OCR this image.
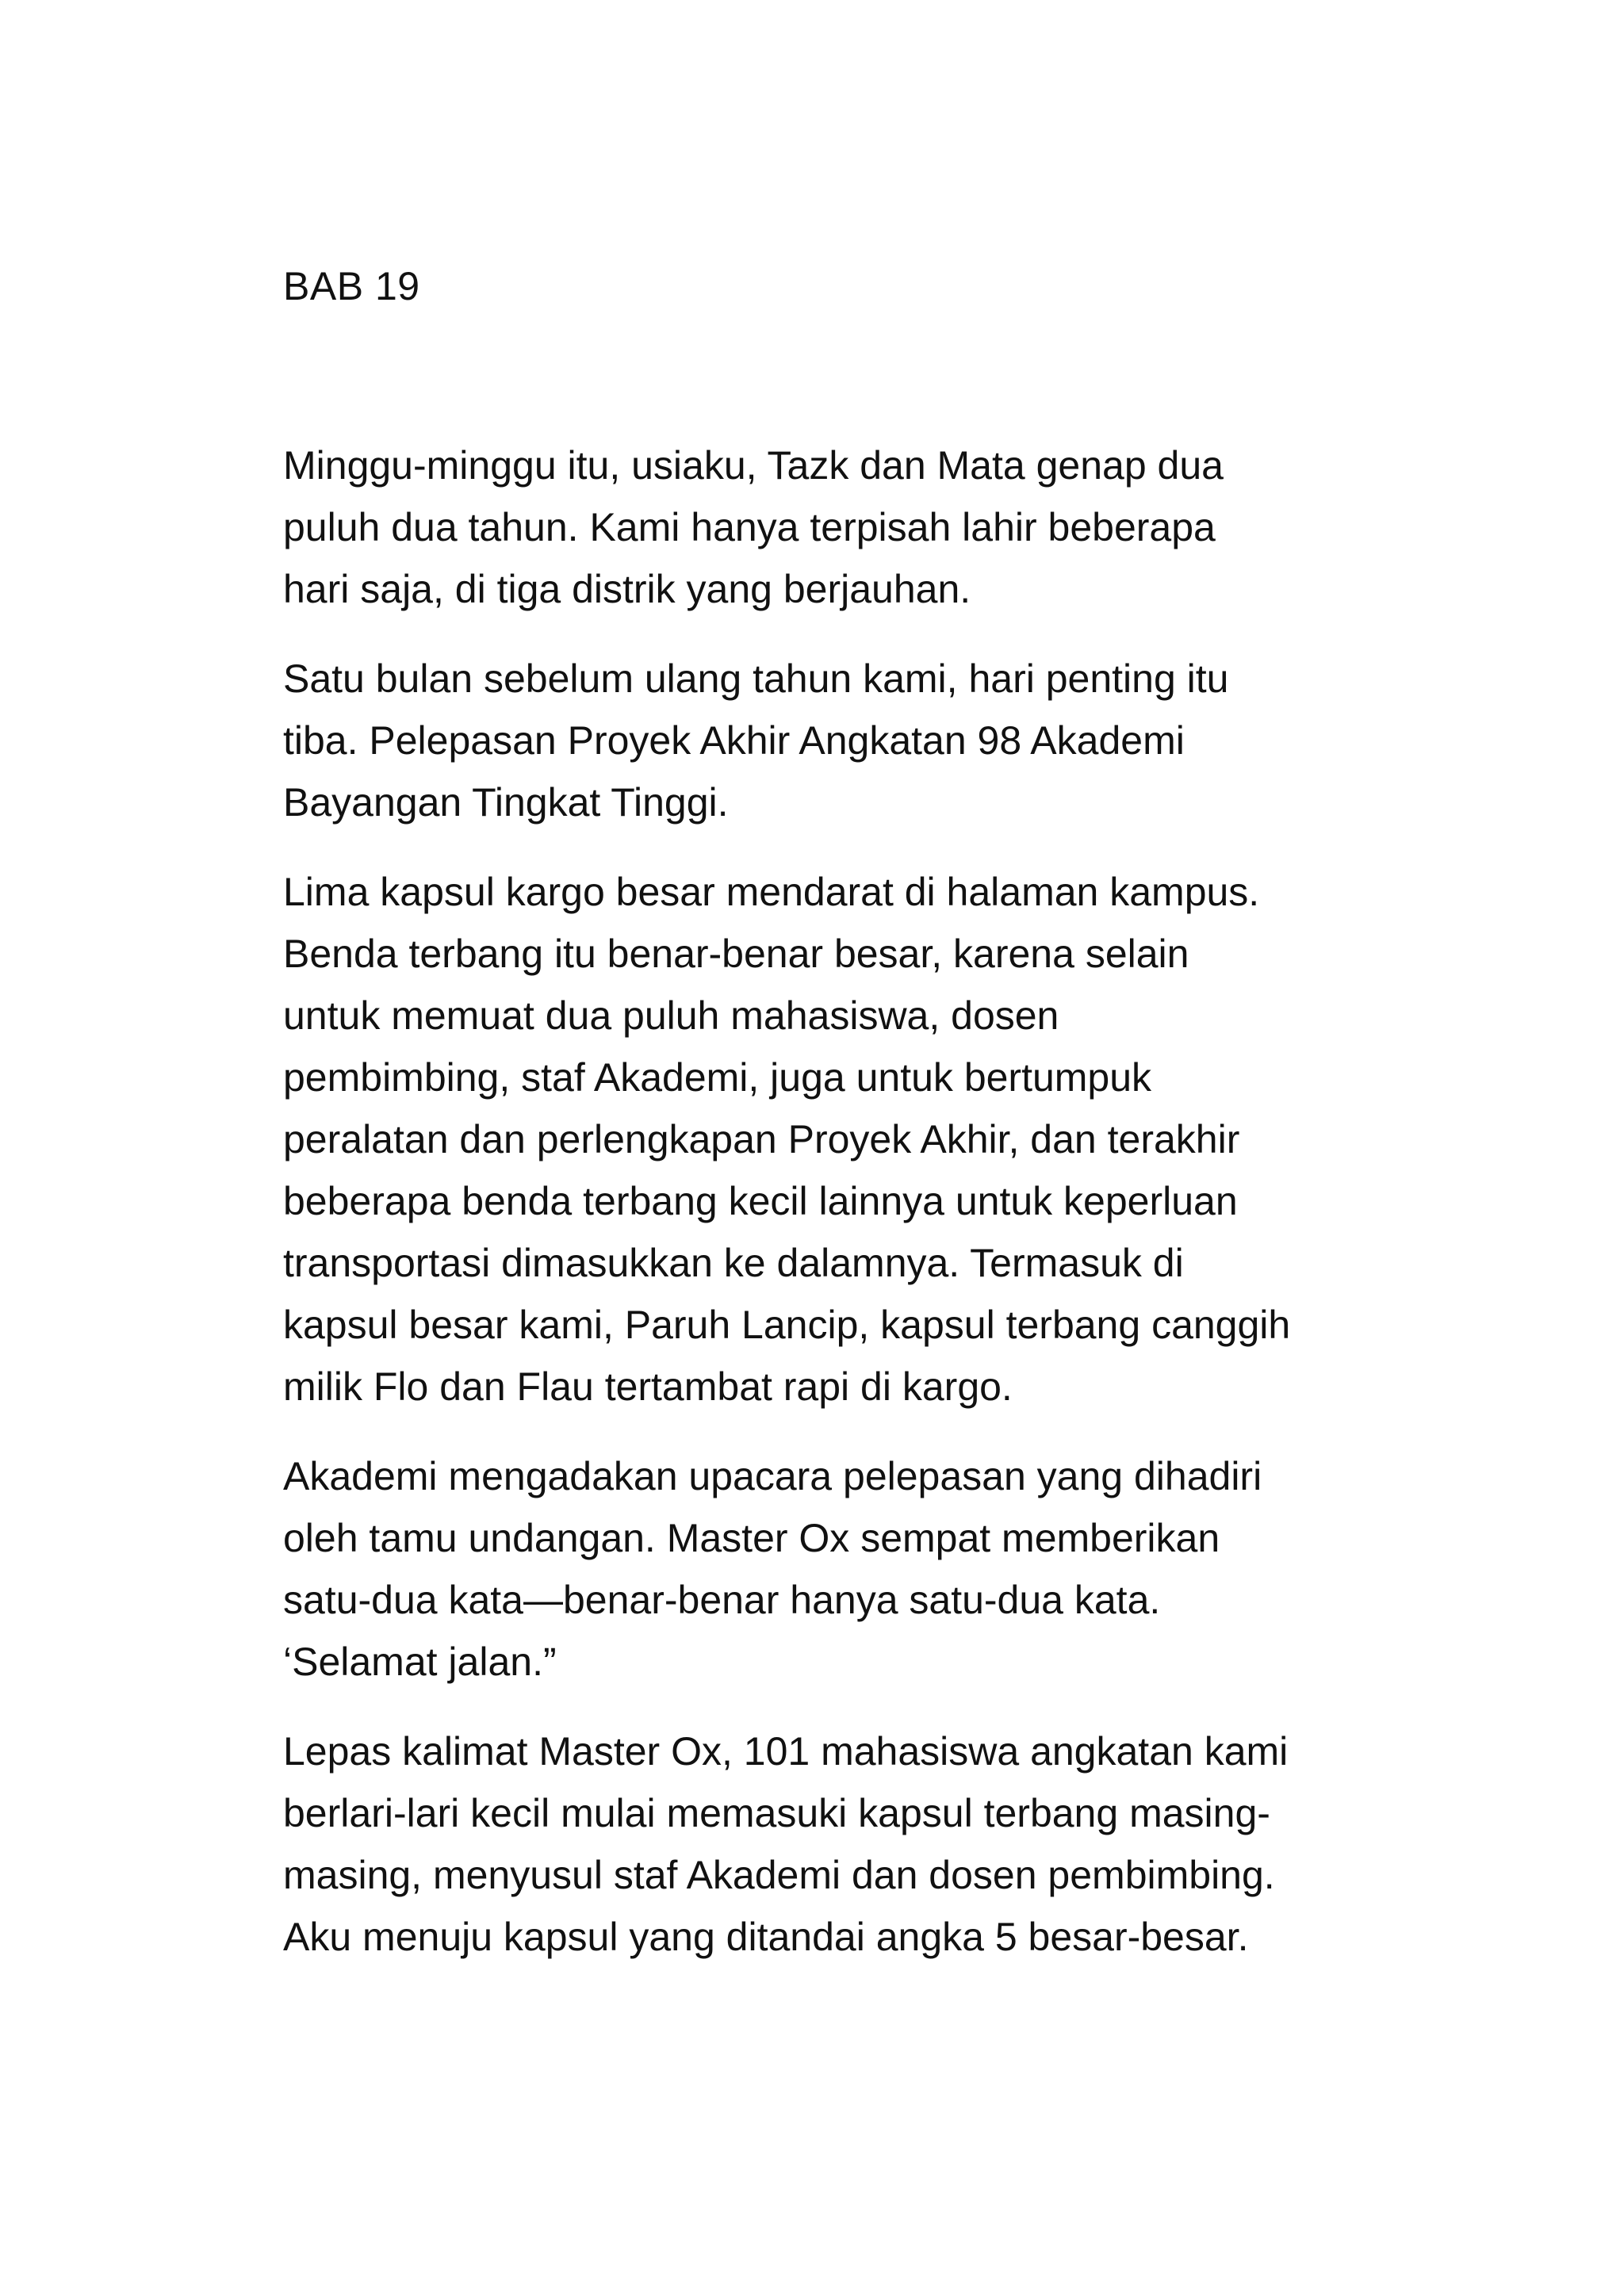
BAB 19

Minggu-minggu itu, usiaku, Tazk dan Mata genap dua
puluh dua tahun. Kami hanya terpisah lahir beberapa
hari saja, di tiga distrik yang berjauhan.

Satu bulan sebelum ulang tahun kami, hari penting itu
tiba. Pelepasan Proyek Akhir Angkatan 98 Akademi
Bayangan Tingkat Tinggi.

Lima kapsul kargo besar mendarat di halaman kampus.
Benda terbang itu benar-benar besar, karena selain
untuk memuat dua puluh mahasiswa, dosen
pembimbing, staf Akademi, juga untuk bertumpuk
peralatan dan perlengkapan Proyek Akhir, dan terakhir
beberapa benda terbang kecil lainnya untuk keperluan
transportasi dimasukkan ke dalamnya. Termasuk di
kapsul besar kami, Paruh Lancip, kapsul terbang canggih
milik Flo dan Flau tertambat rapi di kargo.

Akademi mengadakan upacara pelepasan yang dihadiri
oleh tamu undangan. Master Ox sempat memberikan
satu-dua kata—benar-benar hanya satu-dua kata.
‘Selamat jalan.”

Lepas kalimat Master Ox, 101 mahasiswa angkatan kami
berlari-lari kecil mulai memasuki kapsul terbang masing-
masing, menyusul staf Akademi dan dosen pembimbing.
Aku menuju kapsul yang ditandai angka 5 besar-besar.
